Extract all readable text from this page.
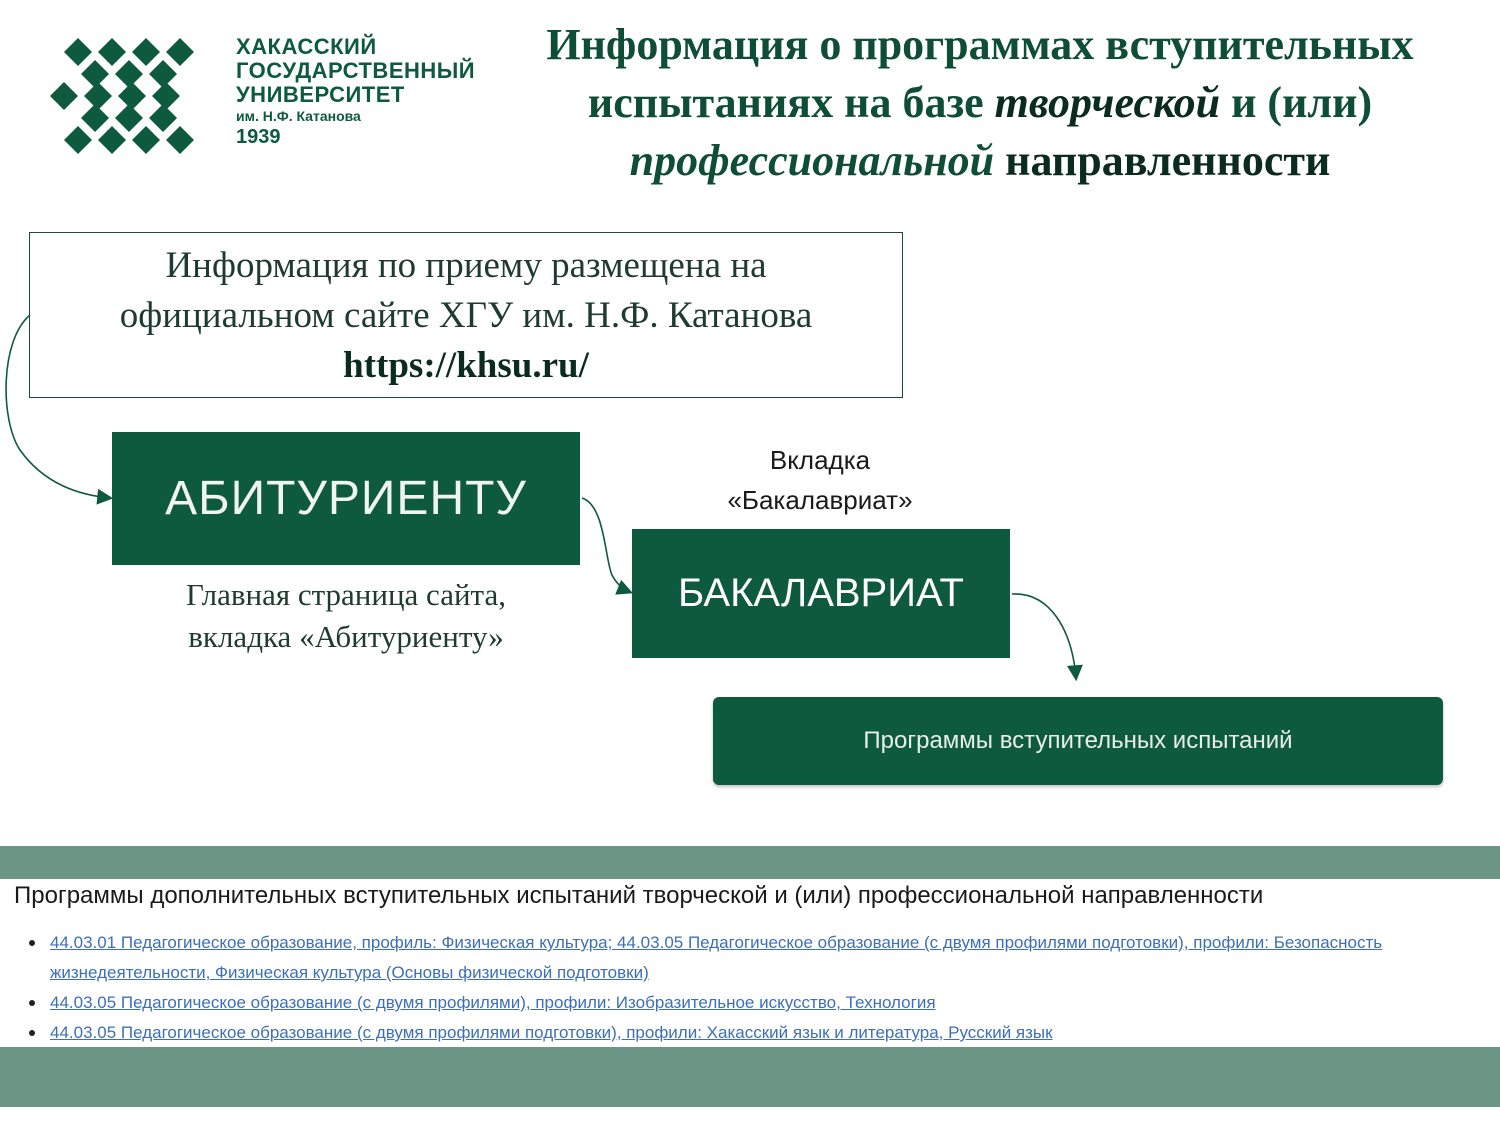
ХАКАССКИЙ
ГОСУДАРСТВЕННЫЙ
УНИВЕРСИТЕТ
им. Н.Ф. Катанова
1939
Информация о программах вступительных испытаниях на базе творческой и (или) профессиональной направленности
Информация по приему размещена на
официальном сайте ХГУ им. Н.Ф. Катанова
https://khsu.ru/
АБИТУРИЕНТУ
Главная страница сайта,
вкладка «Абитуриенту»
Вкладка
«Бакалавриат»
БАКАЛАВРИАТ
Программы вступительных испытаний
Программы дополнительных вступительных испытаний творческой и (или) профессиональной направленности
44.03.01 Педагогическое образование, профиль: Физическая культура; 44.03.05 Педагогическое образование (с двумя профилями подготовки), профили: Безопасность жизнедеятельности, Физическая культура (Основы физической подготовки)
44.03.05 Педагогическое образование (с двумя профилями), профили: Изобразительное искусство, Технология
44.03.05 Педагогическое образование (с двумя профилями подготовки), профили: Хакасский язык и литература, Русский язык
